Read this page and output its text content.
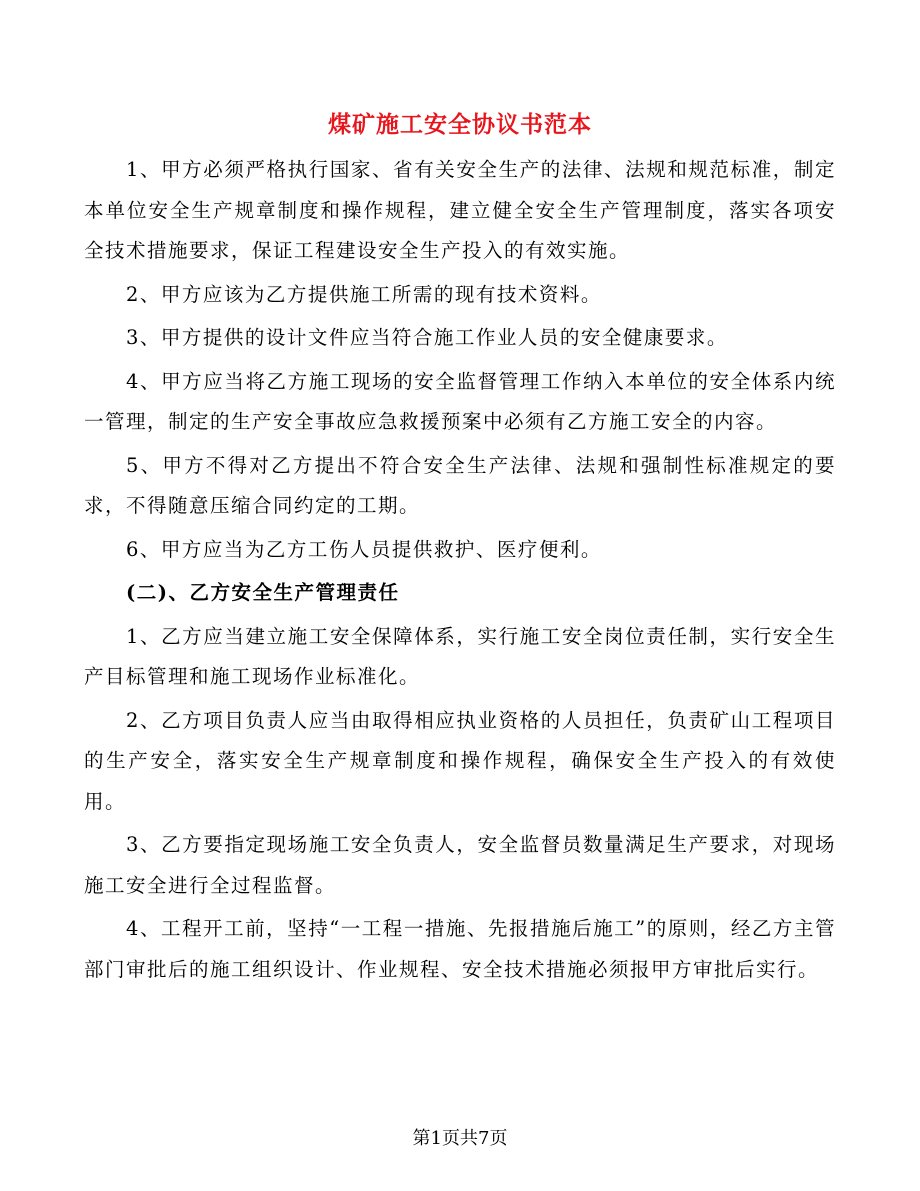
煤矿施工安全协议书范本

1、甲方必须严格执行国家、省有关安全生产的法律、法规和规范标准，制定本单位安全生产规章制度和操作规程，建立健全安全生产管理制度，落实各项安全技术措施要求，保证工程建设安全生产投入的有效实施。

2、甲方应该为乙方提供施工所需的现有技术资料。

3、甲方提供的设计文件应当符合施工作业人员的安全健康要求。

4、甲方应当将乙方施工现场的安全监督管理工作纳入本单位的安全体系内统一管理，制定的生产安全事故应急救援预案中必须有乙方施工安全的内容。

5、甲方不得对乙方提出不符合安全生产法律、法规和强制性标准规定的要求，不得随意压缩合同约定的工期。

6、甲方应当为乙方工伤人员提供救护、医疗便利。

(二)、乙方安全生产管理责任

1、乙方应当建立施工安全保障体系，实行施工安全岗位责任制，实行安全生产目标管理和施工现场作业标准化。

2、乙方项目负责人应当由取得相应执业资格的人员担任，负责矿山工程项目的生产安全，落实安全生产规章制度和操作规程，确保安全生产投入的有效使用。

3、乙方要指定现场施工安全负责人，安全监督员数量满足生产要求，对现场施工安全进行全过程监督。

4、工程开工前，坚持“一工程一措施、先报措施后施工”的原则，经乙方主管部门审批后的施工组织设计、作业规程、安全技术措施必须报甲方审批后实行。

第1页共7页
